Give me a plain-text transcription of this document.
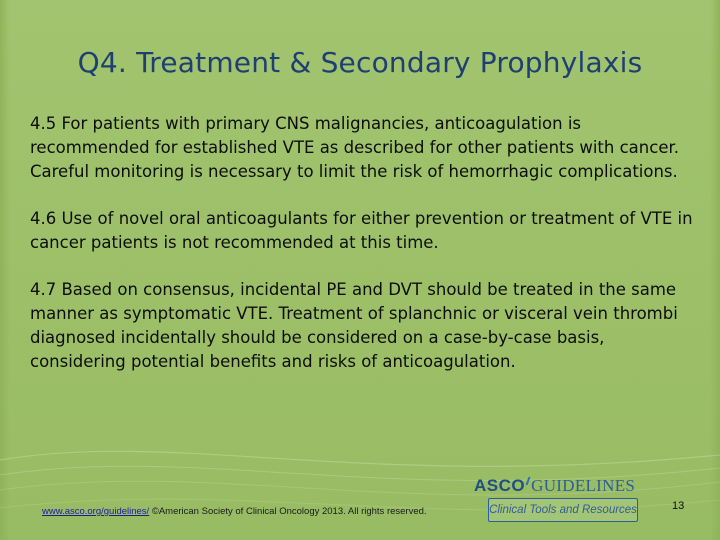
Q4. Treatment & Secondary Prophylaxis

4.5 For patients with primary CNS malignancies, anticoagulation is recommended for established VTE as described for other patients with cancer. Careful monitoring is necessary to limit the risk of hemorrhagic complications.

4.6 Use of novel oral anticoagulants for either prevention or treatment of VTE in cancer patients is not recommended at this time.

4.7 Based on consensus, incidental PE and DVT should be treated in the same manner as symptomatic VTE. Treatment of splanchnic or visceral vein thrombi diagnosed incidentally should be considered on a case-by-case basis, considering potential benefits and risks of anticoagulation.

www.asco.org/guidelines/ ©American Society of Clinical Oncology 2013. All rights reserved.
ASCO GUIDELINES
Clinical Tools and Resources	13
